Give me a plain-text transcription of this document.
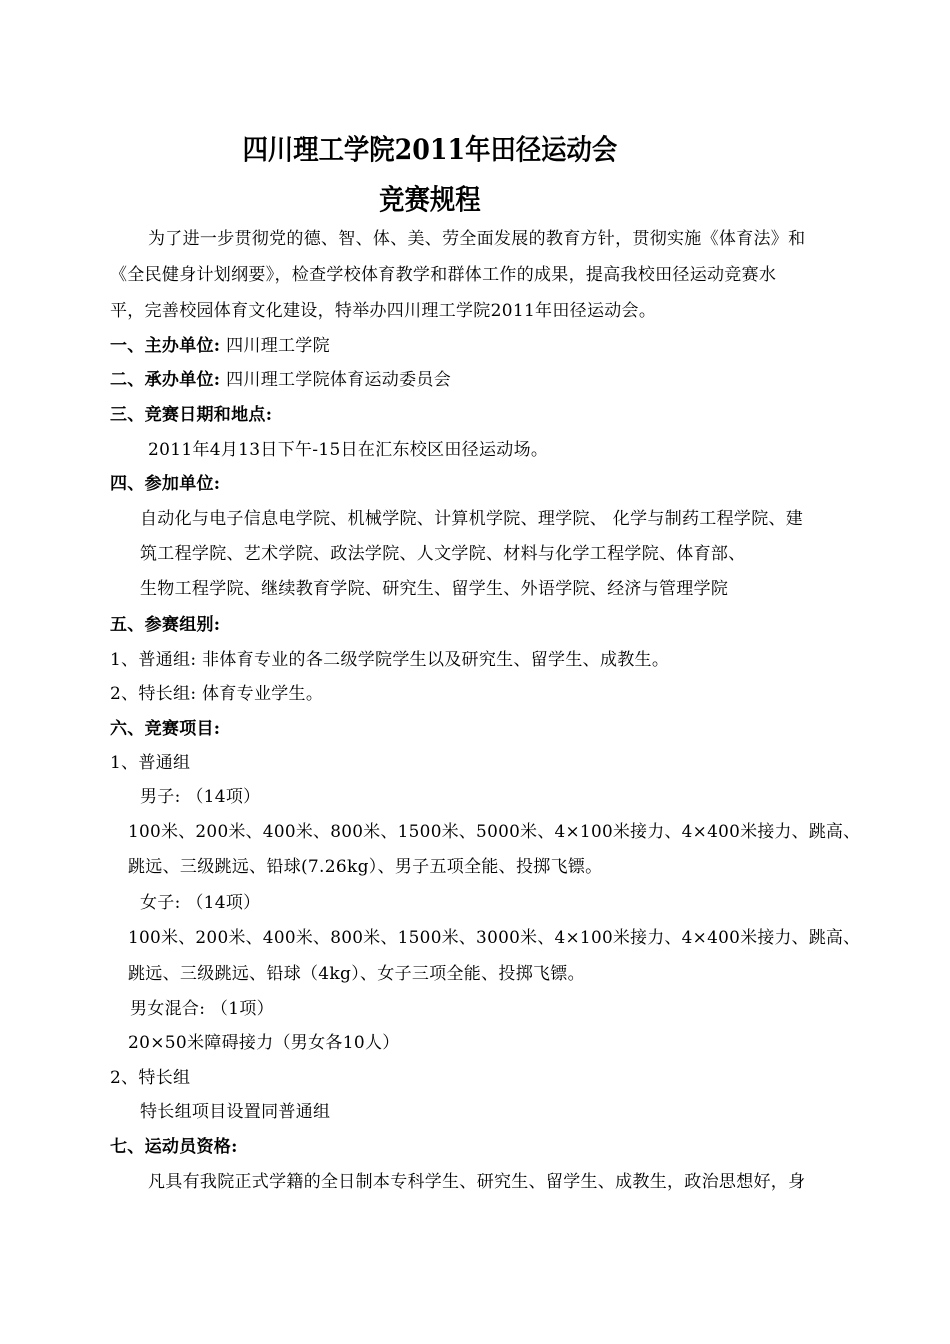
四川理工学院2011年田径运动会
竞赛规程
为了进一步贯彻党的德、智、体、美、劳全面发展的教育方针，贯彻实施《体育法》和
《全民健身计划纲要》，检查学校体育教学和群体工作的成果，提高我校田径运动竞赛水
平，完善校园体育文化建设，特举办四川理工学院2011年田径运动会。
一、主办单位: 四川理工学院
二、承办单位: 四川理工学院体育运动委员会
三、竞赛日期和地点:
2011年4月13日下午-15日在汇东校区田径运动场。
四、参加单位:
自动化与电子信息电学院、机械学院、计算机学院、理学院、 化学与制药工程学院、建
筑工程学院、艺术学院、政法学院、人文学院、材料与化学工程学院、体育部、
生物工程学院、继续教育学院、研究生、留学生、外语学院、经济与管理学院
五、参赛组别:
1、普通组: 非体育专业的各二级学院学生以及研究生、留学生、成教生。
2、特长组: 体育专业学生。
六、竞赛项目:
1、普通组
男子: （14项）
100米、200米、400米、800米、1500米、5000米、4×100米接力、4×400米接力、跳高、
跳远、三级跳远、铅球(7.26kg）、男子五项全能、投掷飞镖。
女子: （14项）
100米、200米、400米、800米、1500米、3000米、4×100米接力、4×400米接力、跳高、
跳远、三级跳远、铅球（4kg）、女子三项全能、投掷飞镖。
男女混合: （1项）
20×50米障碍接力（男女各10人）
2、特长组
特长组项目设置同普通组
七、运动员资格:
凡具有我院正式学籍的全日制本专科学生、研究生、留学生、成教生，政治思想好，身
